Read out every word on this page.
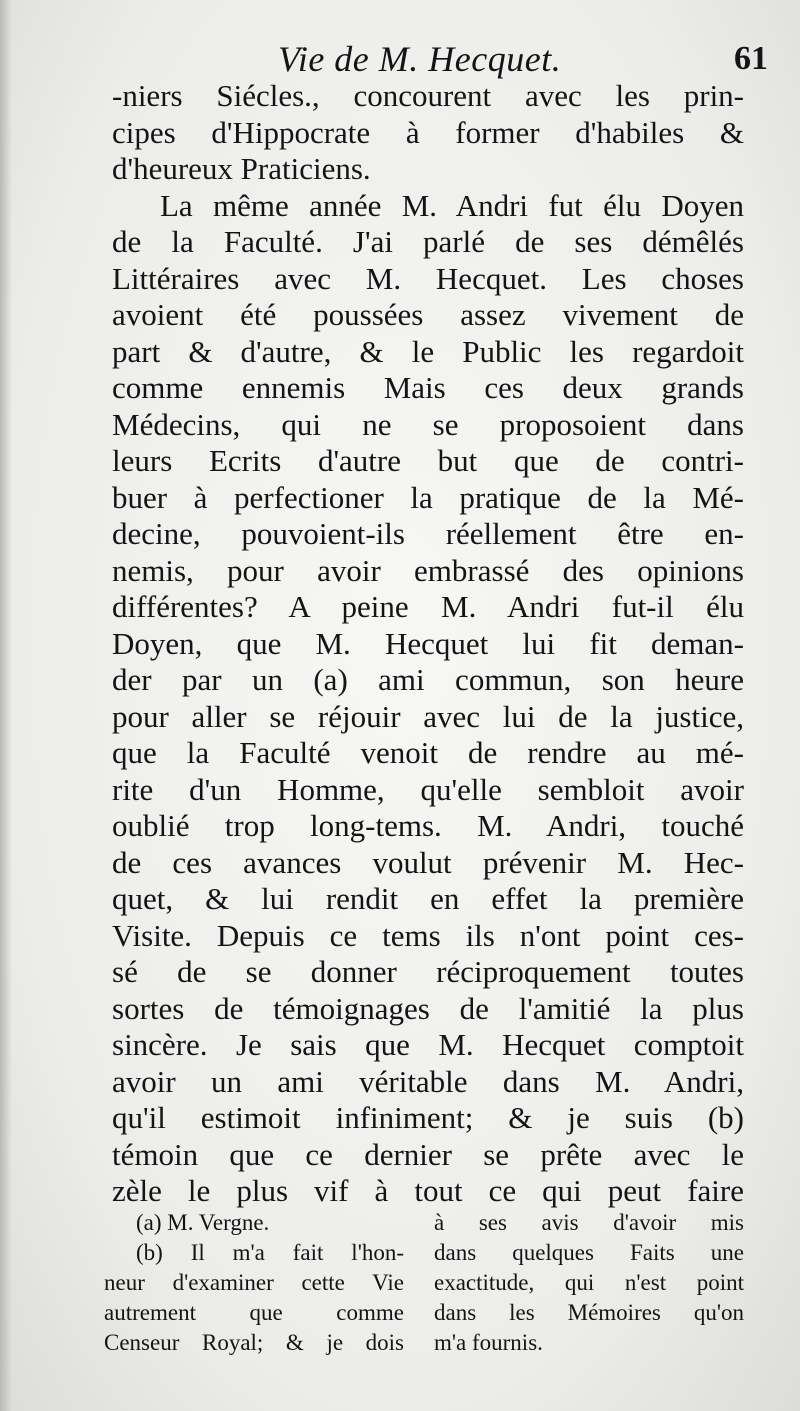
Vie de M. Hecquet.	61
-niers Siécles., concourent avec les prin-
cipes d'Hippocrate à former d'habiles &
d'heureux Praticiens.
La même année M. Andri fut élu Doyen
de la Faculté. J'ai parlé de ses démêlés
Littéraires avec M. Hecquet. Les choses
avoient été poussées assez vivement de
part & d'autre, & le Public les regardoit
comme ennemis Mais ces deux grands
Médecins, qui ne se proposoient dans
leurs Ecrits d'autre but que de contri-
buer à perfectioner la pratique de la Mé-
decine, pouvoient-ils réellement être en-
nemis, pour avoir embrassé des opinions
différentes? A peine M. Andri fut-il élu
Doyen, que M. Hecquet lui fit deman-
der par un (a) ami commun, son heure
pour aller se réjouir avec lui de la justice,
que la Faculté venoit de rendre au mé-
rite d'un Homme, qu'elle sembloit avoir
oublié trop long-tems. M. Andri, touché
de ces avances voulut prévenir M. Hec-
quet, & lui rendit en effet la première
Visite. Depuis ce tems ils n'ont point ces-
sé de se donner réciproquement toutes
sortes de témoignages de l'amitié la plus
sincère. Je sais que M. Hecquet comptoit
avoir un ami véritable dans M. Andri,
qu'il estimoit infiniment; & je suis (b)
témoin que ce dernier se prête avec le
zèle le plus vif à tout ce qui peut faire
(a) M. Vergne.
(b) Il m'a fait l'hon-
neur d'examiner cette Vie
autrement que comme
Censeur Royal; & je dois
à ses avis d'avoir mis
dans quelques Faits une
exactitude, qui n'est point
dans les Mémoires qu'on
m'a fournis.
